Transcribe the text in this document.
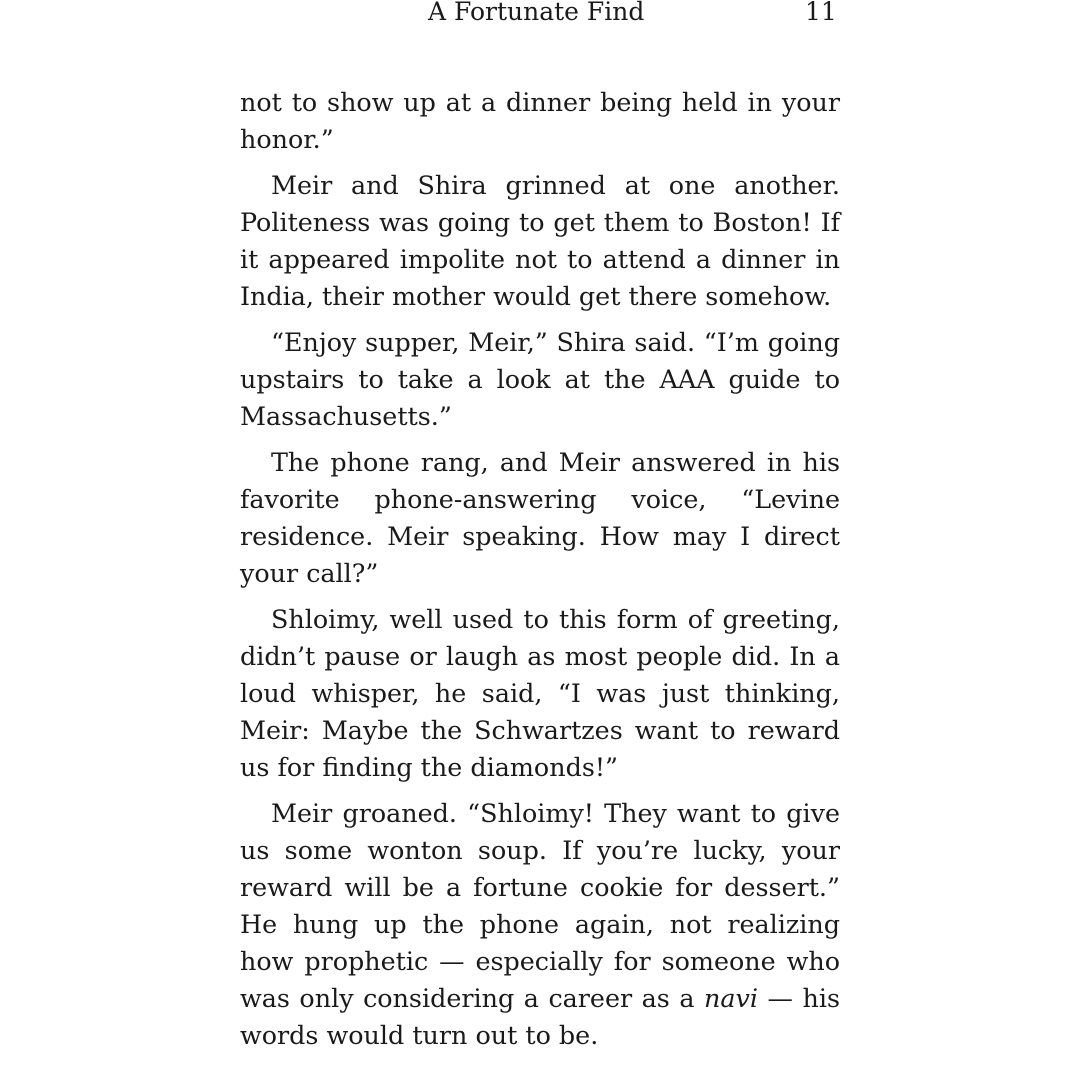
A Fortunate Find	11

not to show up at a dinner being held in your honor.”

Meir and Shira grinned at one another. Politeness was going to get them to Boston! If it appeared impolite not to attend a dinner in India, their mother would get there somehow.

“Enjoy supper, Meir,” Shira said. “I’m going upstairs to take a look at the AAA guide to Massachusetts.”

The phone rang, and Meir answered in his favorite phone-answering voice, “Levine residence. Meir speaking. How may I direct your call?”

Shloimy, well used to this form of greeting, didn’t pause or laugh as most people did. In a loud whisper, he said, “I was just thinking, Meir: Maybe the Schwartzes want to reward us for finding the diamonds!”

Meir groaned. “Shloimy! They want to give us some wonton soup. If you’re lucky, your reward will be a fortune cookie for dessert.” He hung up the phone again, not realizing how prophetic — especially for someone who was only considering a career as a navi — his words would turn out to be.
